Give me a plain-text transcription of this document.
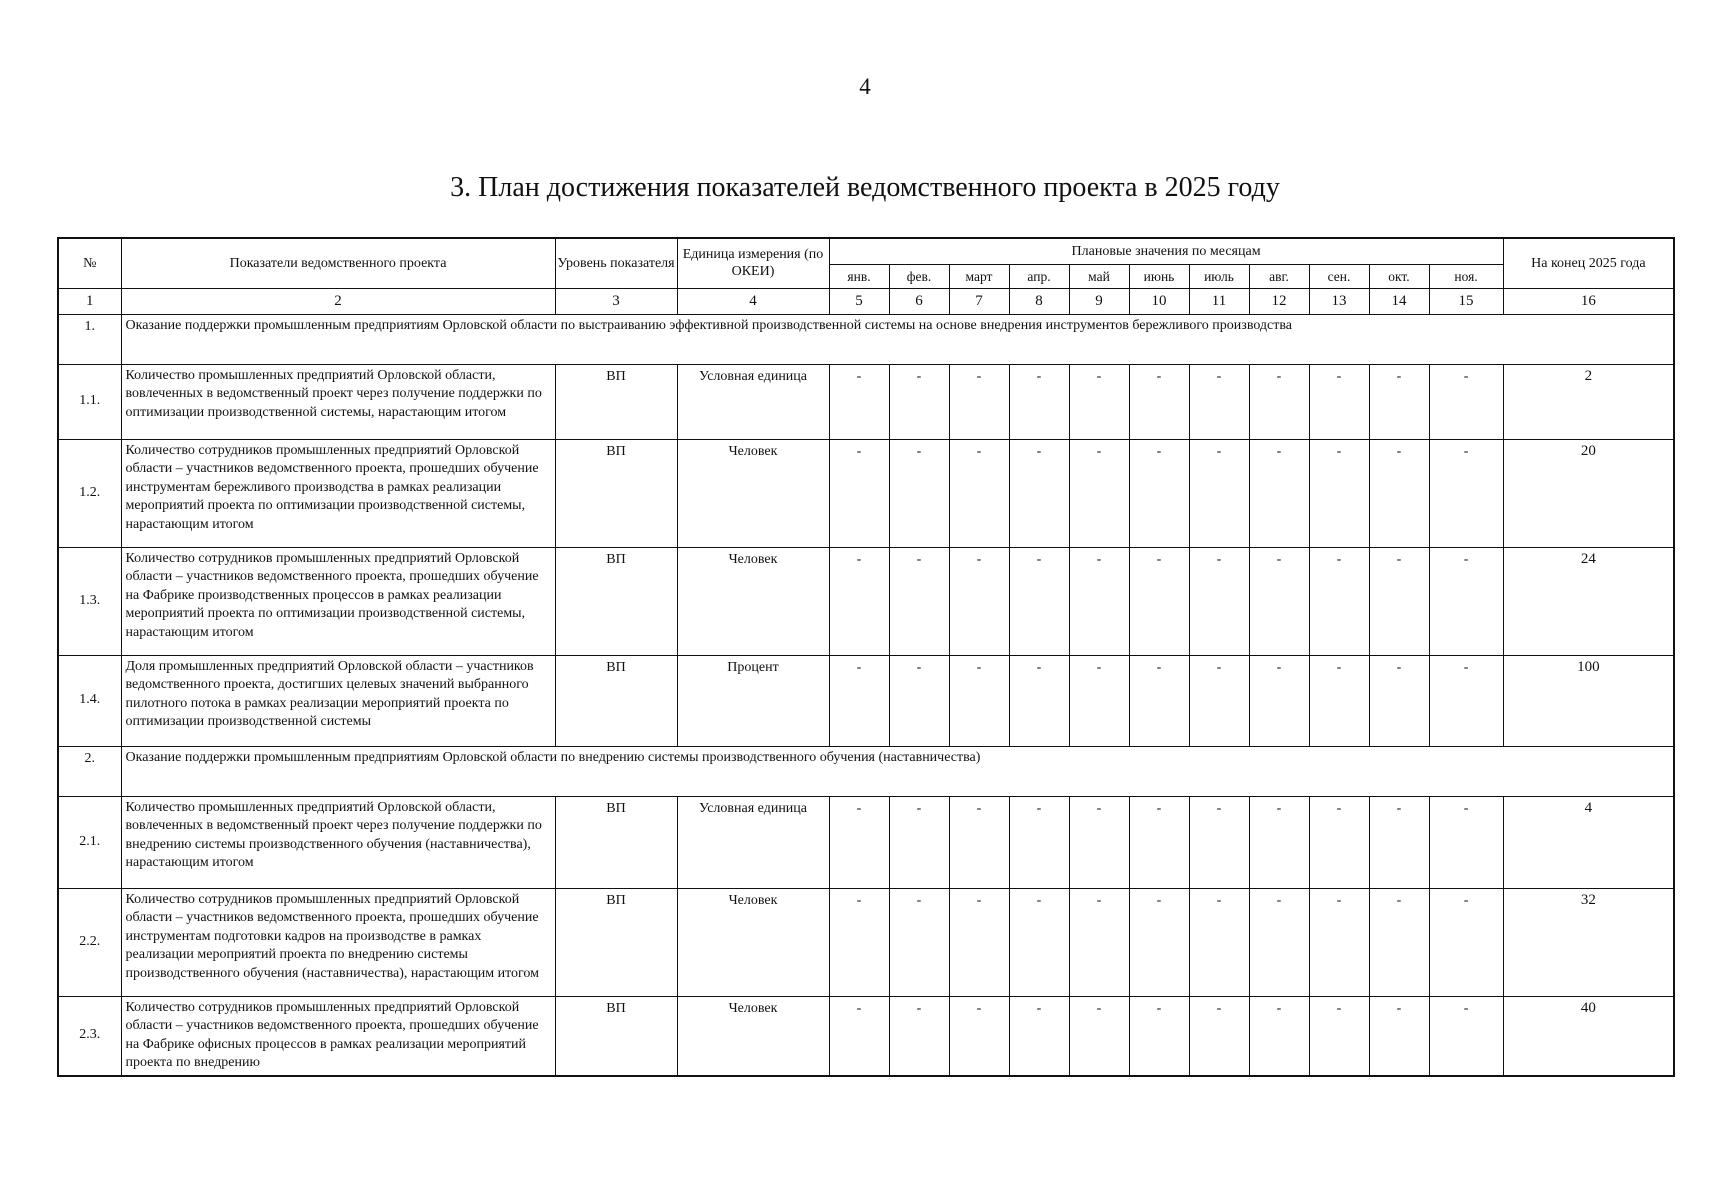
4
3. План достижения показателей ведомственного проекта в 2025 году
№	Показатели ведомственного проекта	Уровень показателя	Единица измерения (по ОКЕИ)	Плановые значения по месяцам											На конец 2025 года
				янв.	фев.	март	апр.	май	июнь	июль	авг.	сен.	окт.	ноя.	
1	2	3	4	5	6	7	8	9	10	11	12	13	14	15	16
1.	Оказание поддержки промышленным предприятиям Орловской области по выстраиванию эффективной производственной системы на основе внедрения инструментов бережливого производства														
1.1.	Количество промышленных предприятий Орловской области, вовлеченных в ведомственный проект через получение поддержки по оптимизации производственной системы, нарастающим итогом	ВП	Условная единица	-	-	-	-	-	-	-	-	-	-	-	2
1.2.	Количество сотрудников промышленных предприятий Орловской области – участников ведомственного проекта, прошедших обучение инструментам бережливого производства в рамках реализации мероприятий проекта по оптимизации производственной системы, нарастающим итогом	ВП	Человек	-	-	-	-	-	-	-	-	-	-	-	20
1.3.	Количество сотрудников промышленных предприятий Орловской области – участников ведомственного проекта, прошедших обучение на Фабрике производственных процессов в рамках реализации мероприятий проекта по оптимизации производственной системы, нарастающим итогом	ВП	Человек	-	-	-	-	-	-	-	-	-	-	-	24
1.4.	Доля промышленных предприятий Орловской области – участников ведомственного проекта, достигших целевых значений выбранного пилотного потока в рамках реализации мероприятий проекта по оптимизации производственной системы	ВП	Процент	-	-	-	-	-	-	-	-	-	-	-	100
2.	Оказание поддержки промышленным предприятиям Орловской области по внедрению системы производственного обучения (наставничества)														
2.1.	Количество промышленных предприятий Орловской области, вовлеченных в ведомственный проект через получение поддержки по внедрению системы производственного обучения (наставничества), нарастающим итогом	ВП	Условная единица	-	-	-	-	-	-	-	-	-	-	-	4
2.2.	Количество сотрудников промышленных предприятий Орловской области – участников ведомственного проекта, прошедших обучение инструментам подготовки кадров на производстве в рамках реализации мероприятий проекта по внедрению системы производственного обучения (наставничества), нарастающим итогом	ВП	Человек	-	-	-	-	-	-	-	-	-	-	-	32
2.3.	Количество сотрудников промышленных предприятий Орловской области – участников ведомственного проекта, прошедших обучение на Фабрике офисных процессов в рамках реализации мероприятий проекта по внедрению	ВП	Человек	-	-	-	-	-	-	-	-	-	-	-	40
